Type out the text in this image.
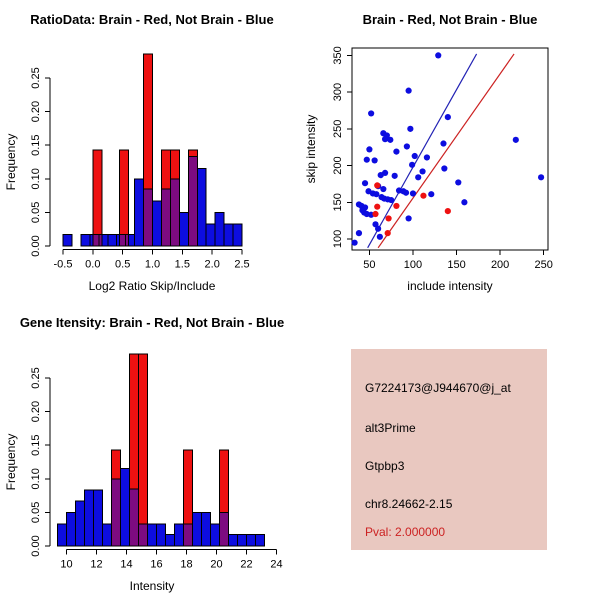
-0.5 0.0 0.5 1.0 1.5 2.0 2.5
0.00
0.05
0.10
0.15
0.20
0.25
Log2 Ratio Skip/Include
Frequency
RatioData: Brain - Red, Not Brain - Blue
50	100 150 200 250
100
150
200
250
300
350
include intensity
skip intensity
Brain - Red, Not Brain - Blue
10 12 14 16 18 20 22 24
0.00
0.05
0.10
0.15
0.20
0.25
Intensity
Frequency
Gene Itensity: Brain - Red, Not Brain - Blue
G7224173@J944670@j_at
alt3Prime
Gtpbp3
chr8.24662-2.15
Pval: 2.000000
